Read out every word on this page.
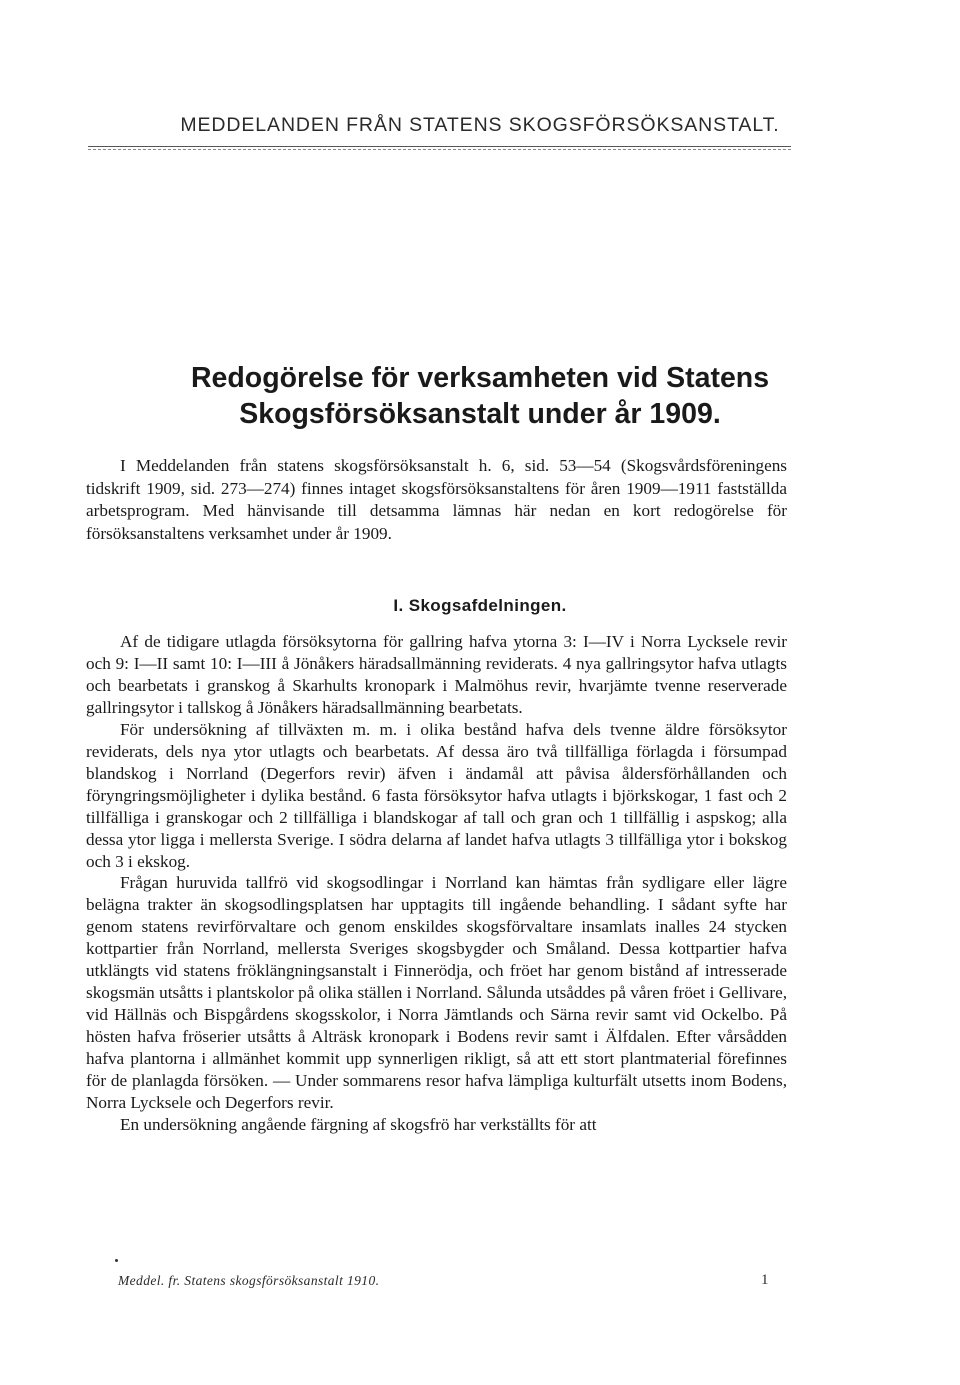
MEDDELANDEN FRÅN STATENS SKOGSFÖRSÖKSANSTALT.
Redogörelse för verksamheten vid Statens
Skogsförsöksanstalt under år 1909.

I Meddelanden från statens skogsförsöksanstalt h. 6, sid. 53—54 (Skogsvårdsföreningens tidskrift 1909, sid. 273—274) finnes intaget skogsförsöksanstaltens för åren 1909—1911 fastställda arbetsprogram. Med hänvisande till detsamma lämnas här nedan en kort redogörelse för försöksanstaltens verksamhet under år 1909.

I. Skogsafdelningen.

Af de tidigare utlagda försöksytorna för gallring hafva ytorna 3: I—IV i Norra Lycksele revir och 9: I—II samt 10: I—III å Jönåkers häradsallmänning reviderats. 4 nya gallringsytor hafva utlagts och bearbetats i granskog å Skarhults kronopark i Malmöhus revir, hvarjämte tvenne reserverade gallringsytor i tallskog å Jönåkers häradsallmänning bearbetats.

För undersökning af tillväxten m. m. i olika bestånd hafva dels tvenne äldre försöksytor reviderats, dels nya ytor utlagts och bearbetats. Af dessa äro två tillfälliga förlagda i försumpad blandskog i Norrland (Degerfors revir) äfven i ändamål att påvisa åldersförhållanden och föryngringsmöjligheter i dylika bestånd. 6 fasta försöksytor hafva utlagts i björkskogar, 1 fast och 2 tillfälliga i granskogar och 2 tillfälliga i blandskogar af tall och gran och 1 tillfällig i aspskog; alla dessa ytor ligga i mellersta Sverige. I södra delarna af landet hafva utlagts 3 tillfälliga ytor i bokskog och 3 i ekskog.

Frågan huruvida tallfrö vid skogsodlingar i Norrland kan hämtas från sydligare eller lägre belägna trakter än skogsodlingsplatsen har upptagits till ingående behandling. I sådant syfte har genom statens revirförvaltare och genom enskildes skogsförvaltare insamlats inalles 24 stycken kottpartier från Norrland, mellersta Sveriges skogsbygder och Småland. Dessa kottpartier hafva utklängts vid statens fröklängningsanstalt i Finnerödja, och fröet har genom bistånd af intresserade skogsmän utsåtts i plantskolor på olika ställen i Norrland. Sålunda utsåddes på våren fröet i Gellivare, vid Hällnäs och Bispgårdens skogsskolor, i Norra Jämtlands och Särna revir samt vid Ockelbo. På hösten hafva fröserier utsåtts å Alträsk kronopark i Bodens revir samt i Älfdalen. Efter vårsådden hafva plantorna i allmänhet kommit upp synnerligen rikligt, så att ett stort plantmaterial förefinnes för de planlagda försöken. — Under sommarens resor hafva lämpliga kulturfält utsetts inom Bodens, Norra Lycksele och Degerfors revir.

En undersökning angående färgning af skogsfrö har verkställts för att

Meddel. fr. Statens skogsförsöksanstalt 1910.	1
